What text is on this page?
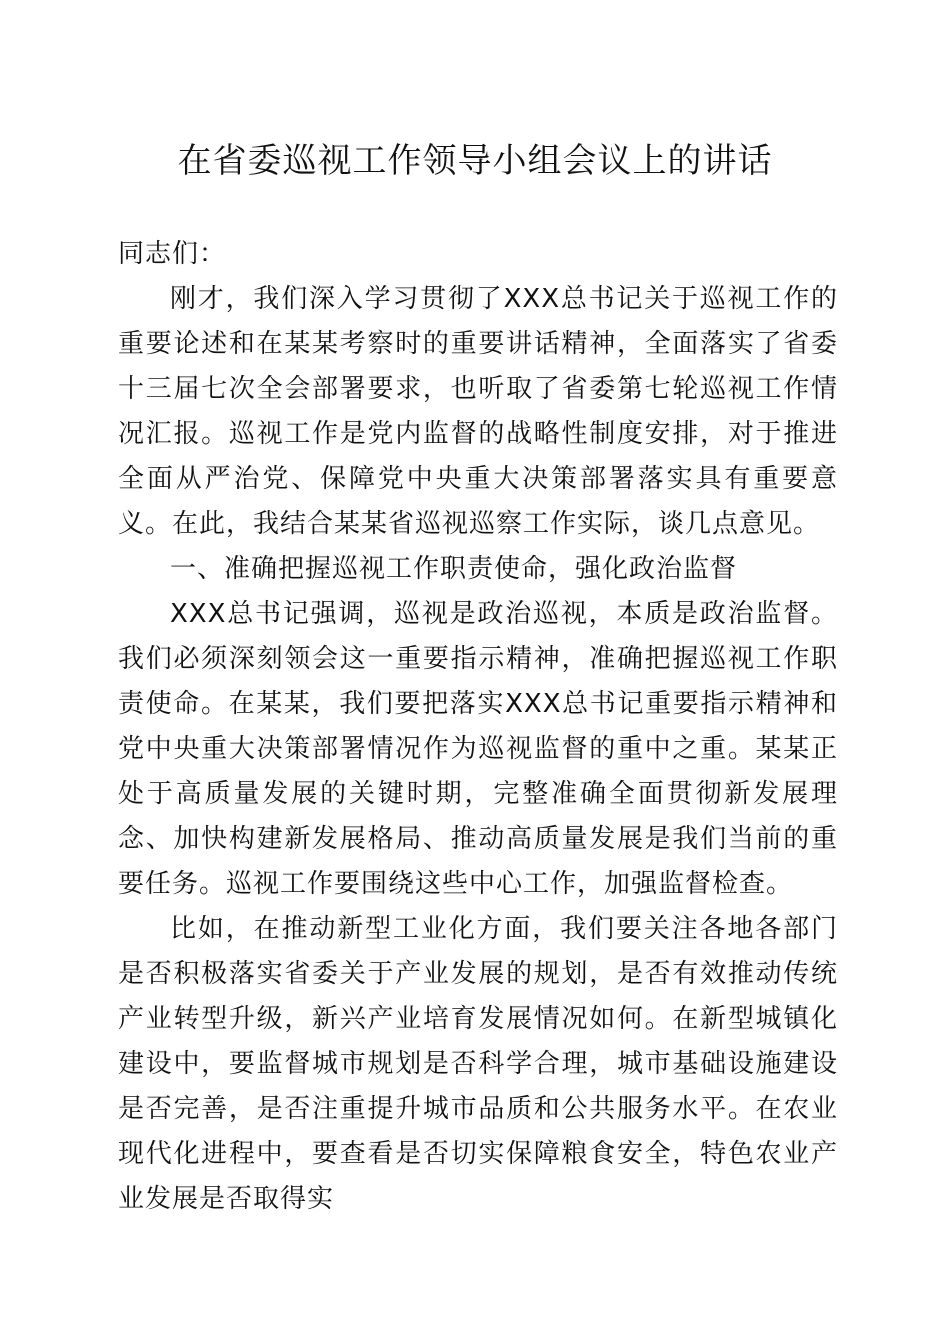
在省委巡视工作领导小组会议上的讲话

同志们：

刚才，我们深入学习贯彻了XXX总书记关于巡视工作的重要论述和在某某考察时的重要讲话精神，全面落实了省委十三届七次全会部署要求，也听取了省委第七轮巡视工作情况汇报。巡视工作是党内监督的战略性制度安排，对于推进全面从严治党、保障党中央重大决策部署落实具有重要意义。在此，我结合某某省巡视巡察工作实际，谈几点意见。

一、准确把握巡视工作职责使命，强化政治监督

XXX总书记强调，巡视是政治巡视，本质是政治监督。我们必须深刻领会这一重要指示精神，准确把握巡视工作职责使命。在某某，我们要把落实XXX总书记重要指示精神和党中央重大决策部署情况作为巡视监督的重中之重。某某正处于高质量发展的关键时期，完整准确全面贯彻新发展理念、加快构建新发展格局、推动高质量发展是我们当前的重要任务。巡视工作要围绕这些中心工作，加强监督检查。

比如，在推动新型工业化方面，我们要关注各地各部门是否积极落实省委关于产业发展的规划，是否有效推动传统产业转型升级，新兴产业培育发展情况如何。在新型城镇化建设中，要监督城市规划是否科学合理，城市基础设施建设是否完善，是否注重提升城市品质和公共服务水平。在农业现代化进程中，要查看是否切实保障粮食安全，特色农业产业发展是否取得实
